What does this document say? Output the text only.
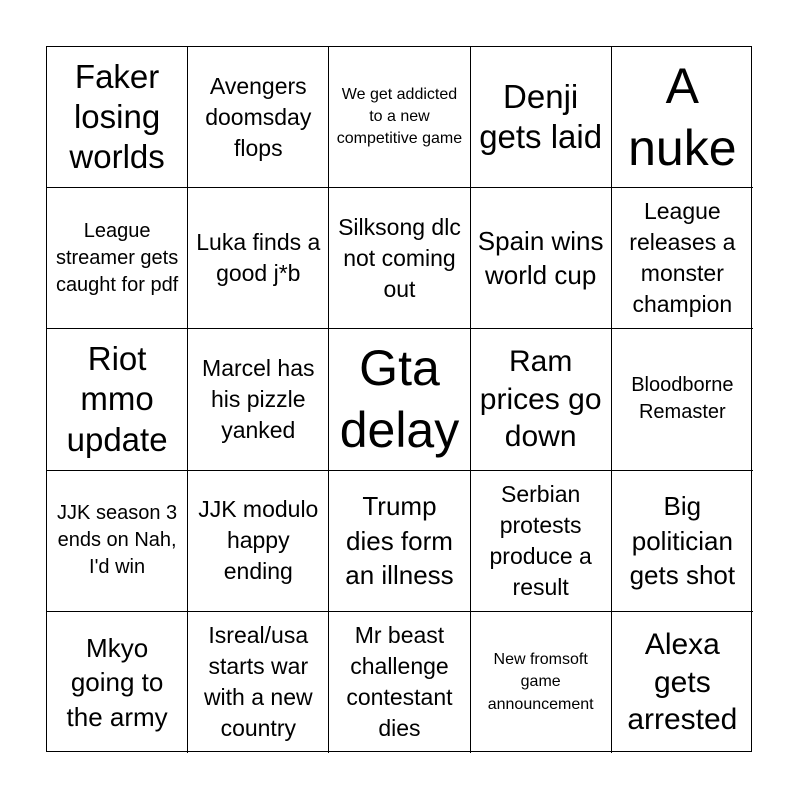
Faker losing worlds
Avengers doomsday flops
We get addicted to a new competitive game
Denji gets laid
A nuke
League streamer gets caught for pdf
Luka finds a good j*b
Silksong dlc not coming out
Spain wins world cup
League releases a monster champion
Riot mmo update
Marcel has his pizzle yanked
Gta delay
Ram prices go down
Bloodborne Remaster
JJK season 3 ends on Nah, I'd win
JJK modulo happy ending
Trump dies form an illness
Serbian protests produce a result
Big politician gets shot
Mkyo going to the army
Isreal/usa starts war with a new country
Mr beast challenge contestant dies
New fromsoft game announcement
Alexa gets arrested
